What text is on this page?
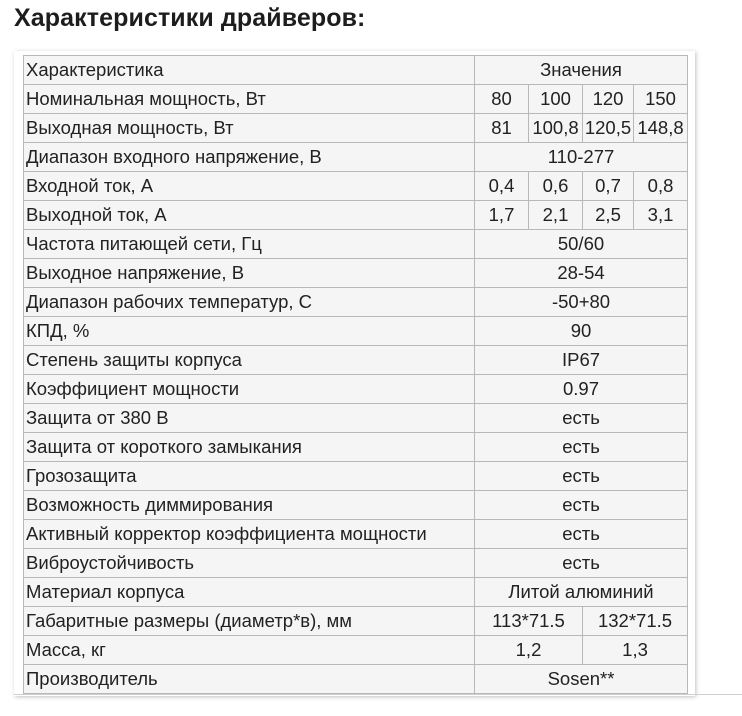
Характеристики драйверов:
Характеристика	Значения			
Номинальная мощность, Вт	80	100	120	150
Выходная мощность, Вт	81	100,8	120,5	148,8
Диапазон входного напряжение, В	110-277			
Входной ток, А	0,4	0,6	0,7	0,8
Выходной ток, А	1,7	2,1	2,5	3,1
Частота питающей сети, Гц	50/60			
Выходное напряжение, В	28-54			
Диапазон рабочих температур, С	-50+80			
КПД, %	90			
Степень защиты корпуса	IP67			
Коэффициент мощности	0.97			
Защита от 380 В	есть			
Защита от короткого замыкания	есть			
Грозозащита	есть			
Возможность диммирования	есть			
Активный корректор коэффициента мощности	есть			
Виброустойчивость	есть			
Материал корпуса	Литой алюминий			
Габаритные размеры (диаметр*в), мм	113*71.5		132*71.5	
Масса, кг	1,2		1,3	
Производитель	Sosen**			
